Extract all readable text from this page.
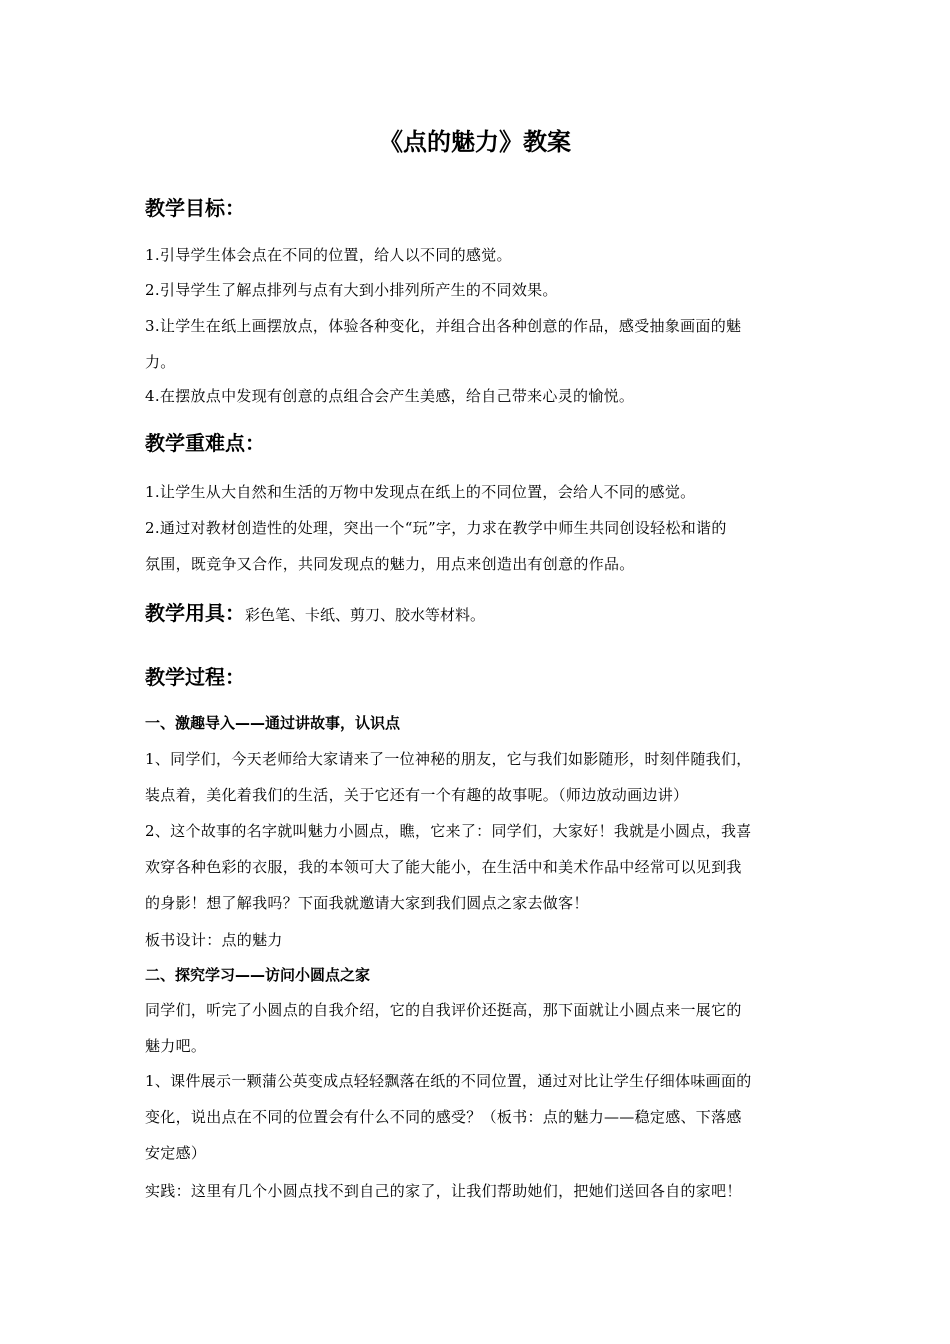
《点的魅力》教案
教学目标：
1.引导学生体会点在不同的位置，给人以不同的感觉。
2.引导学生了解点排列与点有大到小排列所产生的不同效果。
3.让学生在纸上画摆放点，体验各种变化，并组合出各种创意的作品，感受抽象画面的魅
力。
4.在摆放点中发现有创意的点组合会产生美感，给自己带来心灵的愉悦。
教学重难点：
1.让学生从大自然和生活的万物中发现点在纸上的不同位置，会给人不同的感觉。
2.通过对教材创造性的处理，突出一个“玩”字，力求在教学中师生共同创设轻松和谐的
氛围，既竞争又合作，共同发现点的魅力，用点来创造出有创意的作品。
教学用具：彩色笔、卡纸、剪刀、胶水等材料。
教学过程：
一、激趣导入——通过讲故事，认识点
1、同学们，今天老师给大家请来了一位神秘的朋友，它与我们如影随形，时刻伴随我们，
装点着，美化着我们的生活，关于它还有一个有趣的故事呢。（师边放动画边讲）
2、这个故事的名字就叫魅力小圆点，瞧，它来了：同学们，大家好！我就是小圆点，我喜
欢穿各种色彩的衣服，我的本领可大了能大能小，在生活中和美术作品中经常可以见到我
的身影！想了解我吗？下面我就邀请大家到我们圆点之家去做客！
板书设计：点的魅力
二、探究学习——访问小圆点之家
同学们，听完了小圆点的自我介绍，它的自我评价还挺高，那下面就让小圆点来一展它的
魅力吧。
1、课件展示一颗蒲公英变成点轻轻飘落在纸的不同位置，通过对比让学生仔细体味画面的
变化，说出点在不同的位置会有什么不同的感受？（板书：点的魅力——稳定感、下落感
安定感）
实践：这里有几个小圆点找不到自己的家了，让我们帮助她们，把她们送回各自的家吧！
